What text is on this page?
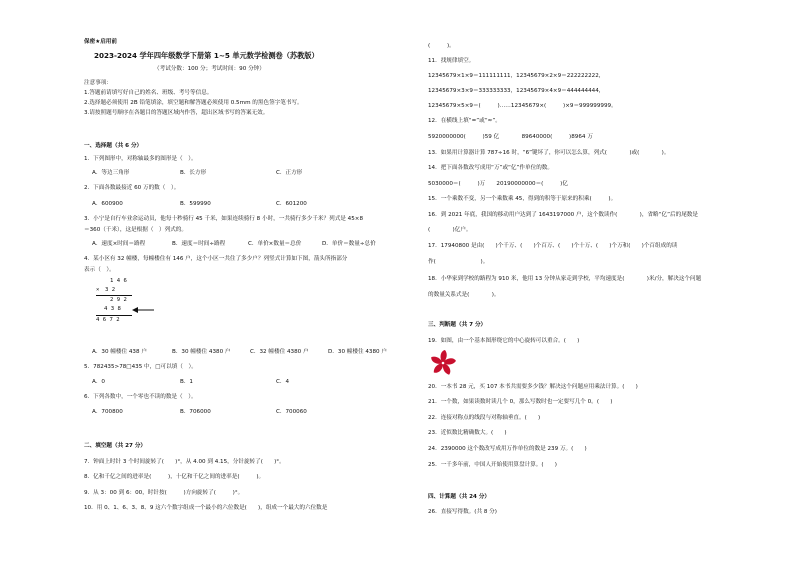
保密★启用前
2023-2024 学年四年级数学下册第 1~5 单元数学检测卷（苏教版）
（考试分数：100 分；考试时间：90 分钟）
注意事项：
1.答题前请填写好自己的姓名、班级、考号等信息。
2.选择题必须使用 2B 铅笔填涂，填空题和解答题必须使用 0.5mm 的黑色签字笔书写。
3.请按照题号顺序在各题目的答题区域内作答，超出区域书写的答案无效。
一、选择题（共 6 分）
1．下列图形中，对称轴最多的图形是（　）。
A．等边三角形	B．长方形	C．正方形
2．下面各数最接近 60 万的数（　）。
A．600900	B．599990	C．601200
3．小宁是自行车业余运动员，他每十秒骑行 45 千米，如果连续骑行 8 小时，一共骑行多少千米？列式是 45×8
＝360（千米），这是根据（　）列式的。
A．速度×时间＝路程	B．速度＝时间÷路程	C．单价×数量＝总价	D．单价＝数量÷总价
4．某小区有 32 幢楼，每幢楼住有 146 户，这个小区一共住了多少户？列竖式计算如下图，箭头所指部分
表示（　）。
1 4 6
×　3 2
2 9 2
4 3 8
4 6 7 2
A．30 幢楼住 438 户	B．30 幢楼住 4380 户	C．32 幢楼住 4380 户	D．30 幢楼住 4380 户
5．782435>78□435 中，□可以填（　）。
A．0	B．1	C．4
6．下列各数中，一个零也不读的数是（　）。
A．700800	B．706000	C．700060
二、填空题（共 27 分）
7．钟面上时针 3 个时间旋转了(　　)°，从 4.00 到 4.15，分针旋转了(　　)°。
8．亿和千亿之间的进率是(　　　)，十亿和千亿之间的进率是(　　　)。
9．从 3：00 到 6：00，时针按(　　　)方向旋转了(　　　)°。
10．用 0、1、6、3、8、9 这六个数字组成一个最小的六位数是(　　)，组成一个最大的六位数是
(　　　)。
11．找规律填空。
12345679×1×9＝111111111，12345679×2×9＝222222222，
12345679×3×9＝333333333，12345679×4×9＝444444444，
12345679×5×9＝(　　　)……12345679×(　　　)×9＝999999999。
12．在横线上填“=”或“≈”。
5920000000(　　　)59 亿　　　　89640000(　　　)8964 万
13．如果用计算器计算 787÷16 时，“6”键坏了，你可以怎么算，列式(　　　　)或(　　　　)。
14．把下面各数改写成用“万”或“亿”作单位的数。
5030000＝(　　　)万　　20190000000＝(　　　)亿
15．一个乘数不变，另一个乘数乘 45，得到的积等于原来的积乘(　　　)。
16．到 2021 年底，我国的移动用户达到了 1643197000 户，这个数读作(　　　　)，省略“亿”后的尾数是
(　　　　)亿户。
17．17940800 是由(　　)个千万、(　　)个百万、(　　)个十万、(　　)个万和(　　)个百组成的读
作(　　　　　　　　)。
18．小华家到学校的路程为 910 米，他用 13 分钟从家走到学校，平均速度是(　　　　)米/分，解决这个问题
的数量关系式是(　　　　)。
三、判断题（共 7 分）
19．如图，由一个基本图形绕它的中心旋转可以重合。(　　)
20．一本书 28 元，买 107 本书共需要多少钱？解决这个问题应用乘法计算。(　　)
21．一个数，如果读数时读几个 0，那么写数时也一定要写几个 0。(　　)
22．连接对称点的线段与对称轴垂直。(　　)
23．近似数比精确数大。(　　)
24．2390000 这个数改写成用万作单位的数是 239 万。(　　)
25．一千多年前，中国人开始使用算盘计算。(　　)
四、计算题（共 24 分）
26．直接写得数。(共 8 分)
